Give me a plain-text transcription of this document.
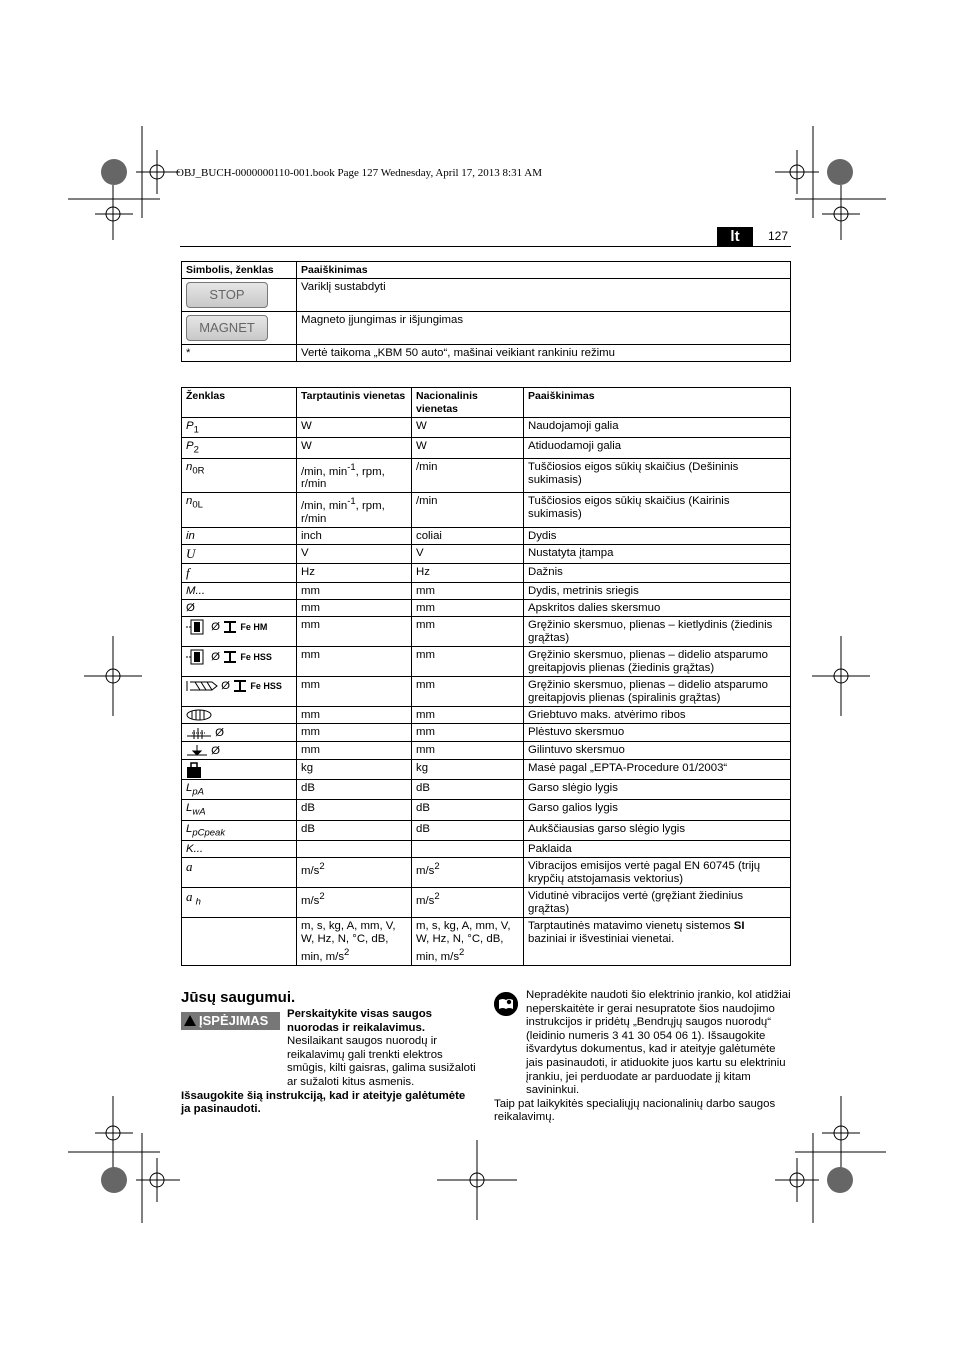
OBJ_BUCH-0000000110-001.book Page 127 Wednesday, April 17, 2013 8:31 AM
lt	127
Simbolis, ženklas	Paaiškinimas
STOP	Variklį sustabdyti
MAGNET	Magneto įjungimas ir išjungimas
*	Vertė taikoma „KBM 50 auto“, mašinai veikiant rankiniu režimu
Ženklas	Tarptautinis vienetas	Nacionalinis vienetas	Paaiškinimas
$P_1$	W	W	Naudojamoji galia
$P_2$	W	W	Atiduodamoji galia
$n_{0R}$	/min, $\min^{-1}$, rpm, r/min	/min	Tuščiosios eigos sūkių skaičius (Dešininis sukimasis)
$n_{0L}$	/min, $\min^{-1}$, rpm, r/min	/min	Tuščiosios eigos sūkių skaičius (Kairinis sukimasis)
in	inch	coliai	Dydis
U	V	V	Nustatyta įtampa
f	Hz	Hz	Dažnis
M...	mm	mm	Dydis, metrinis sriegis
Ø	mm	mm	Apskritos dalies skersmuo
Ø Fe HM	mm	mm	Gręžinio skersmuo, plienas – kietlydinis (žiedinis grąžtas)
Ø Fe HSS	mm	mm	Gręžinio skersmuo, plienas – didelio atsparumo greitapjovis plienas (žiedinis grąžtas)
Ø Fe HSS	mm	mm	Gręžinio skersmuo, plienas – didelio atsparumo greitapjovis plienas (spiralinis grąžtas)
	mm	mm	Griebtuvo maks. atvėrimo ribos
Ø	mm	mm	Plėstuvo skersmuo
Ø	mm	mm	Gilintuvo skersmuo
	kg	kg	Masė pagal „EPTA-Procedure 01/2003“
$L_{pA}$	dB	dB	Garso slėgio lygis
$L_{wA}$	dB	dB	Garso galios lygis
$L_{pCpeak}$	dB	dB	Aukščiausias garso slėgio lygis
K...			Paklaida
a	$m/s^2$	$m/s^2$	Vibracijos emisijos vertė pagal EN 60745 (trijų krypčių atstojamasis vektorius)
a $_h$	$m/s^2$	$m/s^2$	Vidutinė vibracijos vertė (gręžiant žiedinius grąžtas)
	m, s, kg, A, mm, V, W, Hz, N, °C, dB, min, $m/s^2$	m, s, kg, A, mm, V, W, Hz, N, °C, dB, min, $m/s^2$	Tarptautinės matavimo vienetų sistemos SI baziniai ir išvestiniai vienetai.
Jūsų saugumui.
ĮSPĖJIMAS	Perskaitykite visas saugos nuorodas ir reikalavimus. Nesilaikant saugos nuorodų ir reikalavimų gali trenkti elektros smūgis, kilti gaisras, galima susižaloti ar sužaloti kitus asmenis.
Išsaugokite šią instrukciją, kad ir ateityje galėtumėte ja pasinaudoti.

Nepradėkite naudoti šio elektrinio įrankio, kol atidžiai neperskaitėte ir gerai nesupratote šios naudojimo instrukcijos ir pridėtų „Bendrųjų saugos nuorodų“ (leidinio numeris 3 41 30 054 06 1). Išsaugokite išvardytus dokumentus, kad ir ateityje galėtumėte jais pasinaudoti, ir atiduokite juos kartu su elektriniu įrankiu, jei perduodate ar parduodate jį kitam savininkui.

Taip pat laikykitės specialiųjų nacionalinių darbo saugos reikalavimų.
